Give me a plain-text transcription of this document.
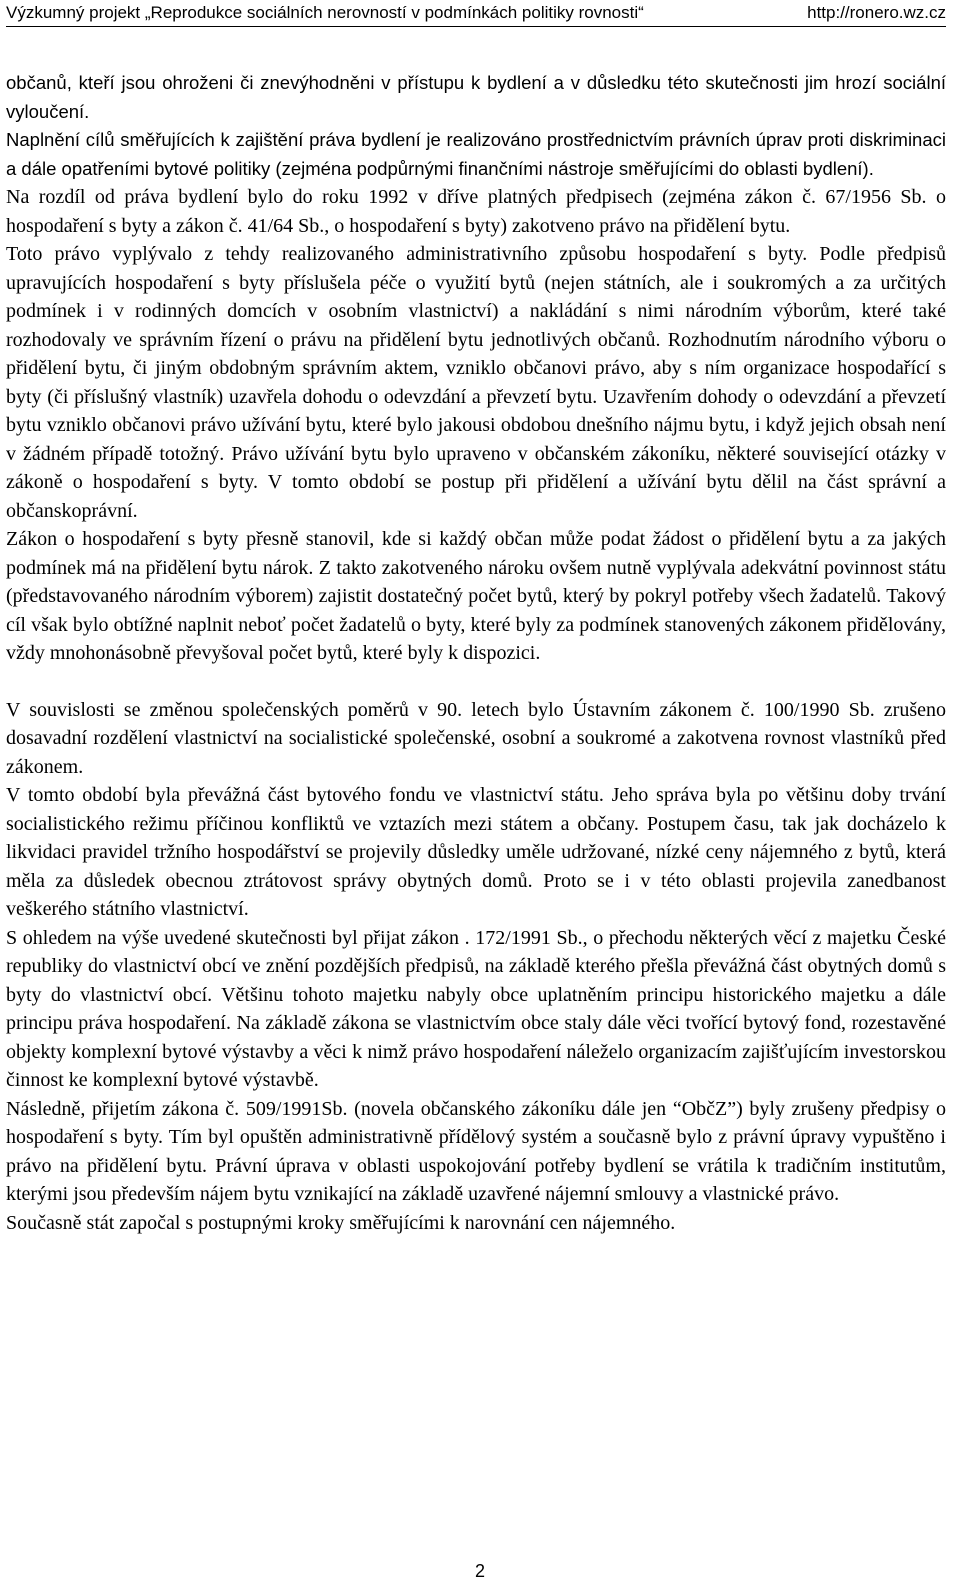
Výzkumný projekt „Reprodukce sociálních nerovností v podmínkách politiky rovnosti“	http://ronero.wz.cz

občanů, kteří jsou ohroženi či znevýhodněni v přístupu k bydlení a v důsledku této skutečnosti jim hrozí sociální vyloučení.

Naplnění cílů směřujících k zajištění práva bydlení je realizováno prostřednictvím právních úprav proti diskriminaci a dále opatřeními bytové politiky (zejména podpůrnými finančními nástroje směřujícími do oblasti bydlení).

Na rozdíl od práva bydlení bylo do roku 1992 v dříve platných předpisech (zejména zákon č. 67/1956 Sb. o hospodaření s byty a zákon č. 41/64 Sb., o hospodaření s byty) zakotveno právo na přidělení bytu.

Toto právo vyplývalo z tehdy realizovaného administrativního způsobu hospodaření s byty. Podle předpisů upravujících hospodaření s byty příslušela péče o využití bytů (nejen státních, ale i soukromých a za určitých podmínek i v rodinných domcích v osobním vlastnictví) a nakládání s nimi národním výborům, které také rozhodovaly ve správním řízení o právu na přidělení bytu jednotlivých občanů. Rozhodnutím národního výboru o přidělení bytu, či jiným obdobným správním aktem, vzniklo občanovi právo, aby s ním organizace hospodařící s byty (či příslušný vlastník) uzavřela dohodu o odevzdání a převzetí bytu. Uzavřením dohody o odevzdání a převzetí bytu vzniklo občanovi právo užívání bytu, které bylo jakousi obdobou dnešního nájmu bytu, i když jejich obsah není v žádném případě totožný. Právo užívání bytu bylo upraveno v občanském zákoníku, některé související otázky v zákoně o hospodaření s byty. V tomto období se postup při přidělení a užívání bytu dělil na část správní a občanskoprávní.

Zákon o hospodaření s byty přesně stanovil, kde si každý občan může podat žádost o přidělení bytu a za jakých podmínek má na přidělení bytu nárok. Z takto zakotveného nároku ovšem nutně vyplývala adekvátní povinnost státu (představovaného národním výborem) zajistit dostatečný počet bytů, který by pokryl potřeby všech žadatelů. Takový cíl však bylo obtížné naplnit neboť počet žadatelů o byty, které byly za podmínek stanovených zákonem přidělovány, vždy mnohonásobně převyšoval počet bytů, které byly k dispozici.

V souvislosti se změnou společenských poměrů v 90. letech bylo Ústavním zákonem č. 100/1990 Sb. zrušeno dosavadní rozdělení vlastnictví na socialistické společenské, osobní a soukromé a zakotvena rovnost vlastníků před zákonem.

V tomto období byla převážná část bytového fondu ve vlastnictví státu. Jeho správa byla po většinu doby trvání socialistického režimu příčinou konfliktů ve vztazích mezi státem a občany. Postupem času, tak jak docházelo k likvidaci pravidel tržního hospodářství se projevily důsledky uměle udržované, nízké ceny nájemného z bytů, která měla za důsledek obecnou ztrátovost správy obytných domů. Proto se i v této oblasti projevila zanedbanost veškerého státního vlastnictví.

S ohledem na výše uvedené skutečnosti byl přijat zákon . 172/1991 Sb., o přechodu některých věcí z majetku České republiky do vlastnictví obcí ve znění pozdějších předpisů, na základě kterého přešla převážná část obytných domů s byty do vlastnictví obcí. Většinu tohoto majetku nabyly obce uplatněním principu historického majetku a dále principu práva hospodaření. Na základě zákona se vlastnictvím obce staly dále věci tvořící bytový fond, rozestavěné objekty komplexní bytové výstavby a věci k nimž právo hospodaření náleželo organizacím zajišťujícím investorskou činnost ke komplexní bytové výstavbě.

Následně, přijetím zákona č. 509/1991Sb. (novela občanského zákoníku dále jen “ObčZ”) byly zrušeny předpisy o hospodaření s byty. Tím byl opuštěn administrativně přídělový systém a současně bylo z právní úpravy vypuštěno i právo na přidělení bytu. Právní úprava v oblasti uspokojování potřeby bydlení se vrátila k tradičním institutům, kterými jsou především nájem bytu vznikající na základě uzavřené nájemní smlouvy a vlastnické právo.

Současně stát započal s postupnými kroky směřujícími k narovnání cen nájemného.

2
